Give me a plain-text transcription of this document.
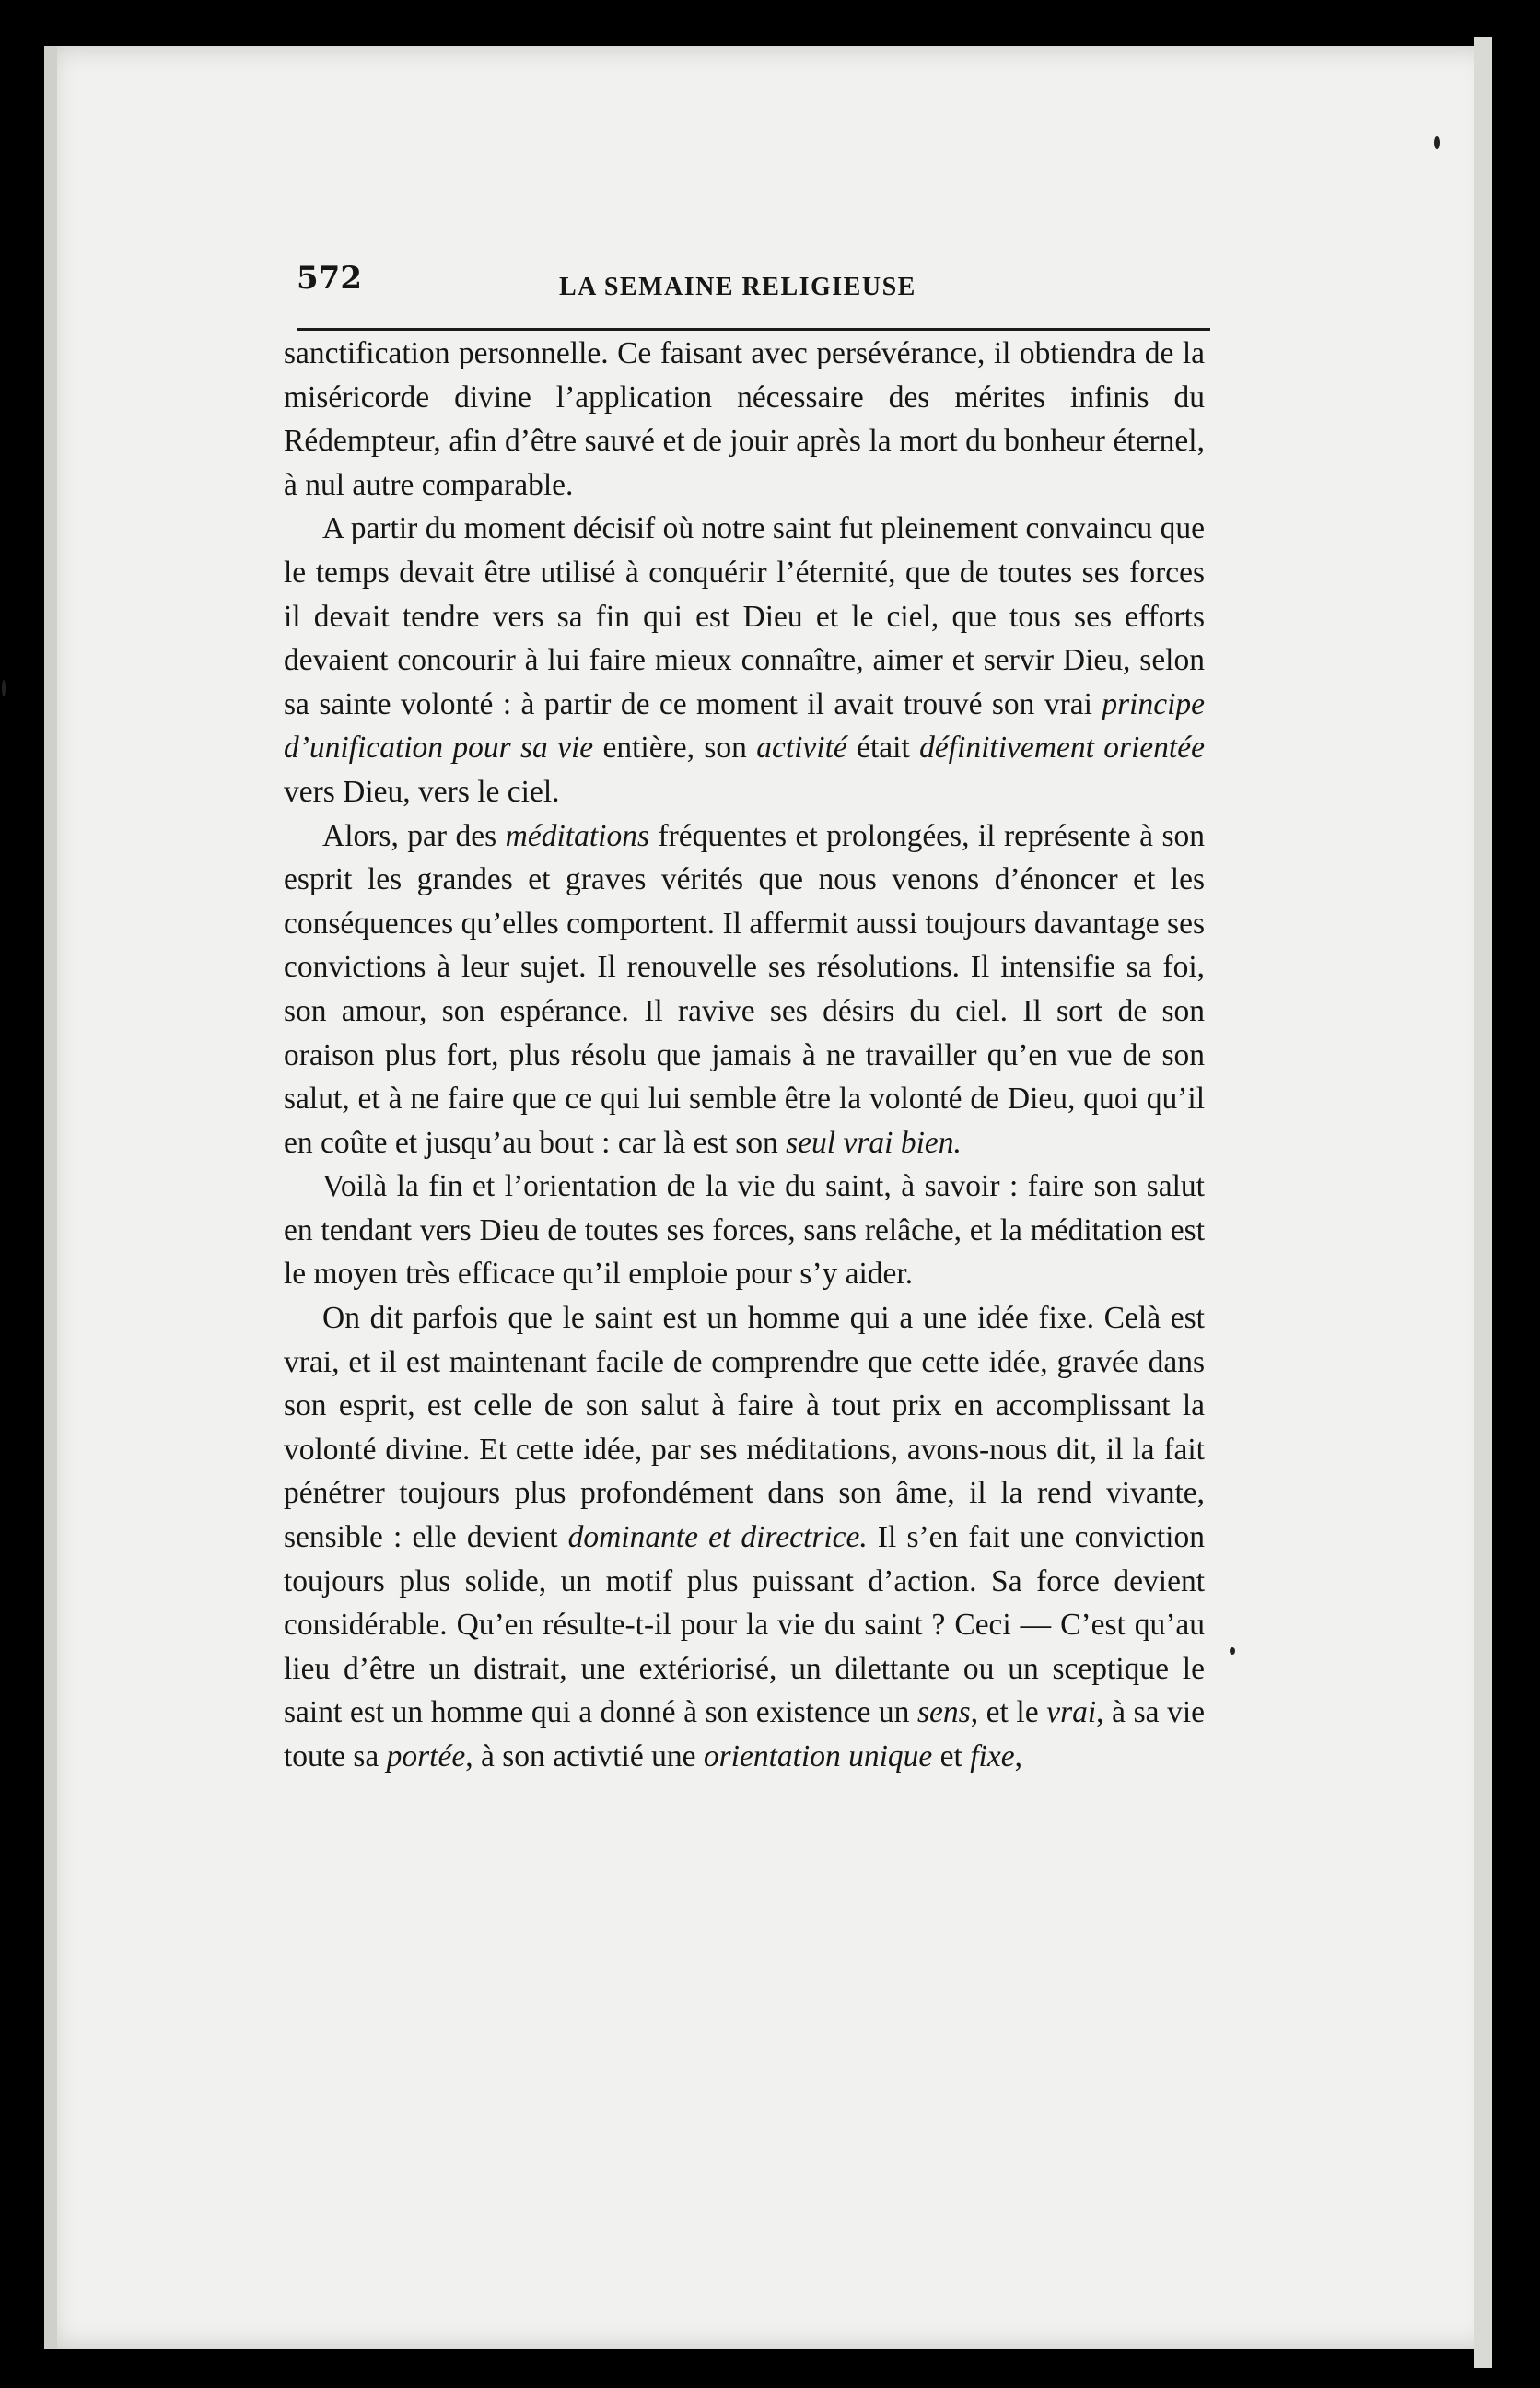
572	LA SEMAINE RELIGIEUSE

sanctification personnelle. Ce faisant avec persévérance, il obtiendra de la miséricorde divine l’application nécessaire des mérites infinis du Rédempteur, afin d’être sauvé et de jouir après la mort du bonheur éternel, à nul autre comparable.

A partir du moment décisif où notre saint fut pleinement convaincu que le temps devait être utilisé à conquérir l’éternité, que de toutes ses forces il devait tendre vers sa fin qui est Dieu et le ciel, que tous ses efforts devaient concourir à lui faire mieux connaître, aimer et servir Dieu, selon sa sainte volonté : à partir de ce moment il avait trouvé son vrai principe d’unification pour sa vie entière, son activité était définitivement orientée vers Dieu, vers le ciel.

Alors, par des méditations fréquentes et prolongées, il représente à son esprit les grandes et graves vérités que nous venons d’énoncer et les conséquences qu’elles comportent. Il affermit aussi toujours davantage ses convictions à leur sujet. Il renouvelle ses résolutions. Il intensifie sa foi, son amour, son espérance. Il ravive ses désirs du ciel. Il sort de son oraison plus fort, plus résolu que jamais à ne travailler qu’en vue de son salut, et à ne faire que ce qui lui semble être la volonté de Dieu, quoi qu’il en coûte et jusqu’au bout : car là est son seul vrai bien.

Voilà la fin et l’orientation de la vie du saint, à savoir : faire son salut en tendant vers Dieu de toutes ses forces, sans relâche, et la méditation est le moyen très efficace qu’il emploie pour s’y aider.

On dit parfois que le saint est un homme qui a une idée fixe. Celà est vrai, et il est maintenant facile de comprendre que cette idée, gravée dans son esprit, est celle de son salut à faire à tout prix en accomplissant la volonté divine. Et cette idée, par ses méditations, avons-nous dit, il la fait pénétrer toujours plus profondément dans son âme, il la rend vivante, sensible : elle devient dominante et directrice. Il s’en fait une conviction toujours plus solide, un motif plus puissant d’action. Sa force devient considérable. Qu’en résulte-t-il pour la vie du saint ? Ceci — C’est qu’au lieu d’être un distrait, une extériorisé, un dilettante ou un sceptique le saint est un homme qui a donné à son existence un sens, et le vrai, à sa vie toute sa portée, à son activtié une orientation unique et fixe,
